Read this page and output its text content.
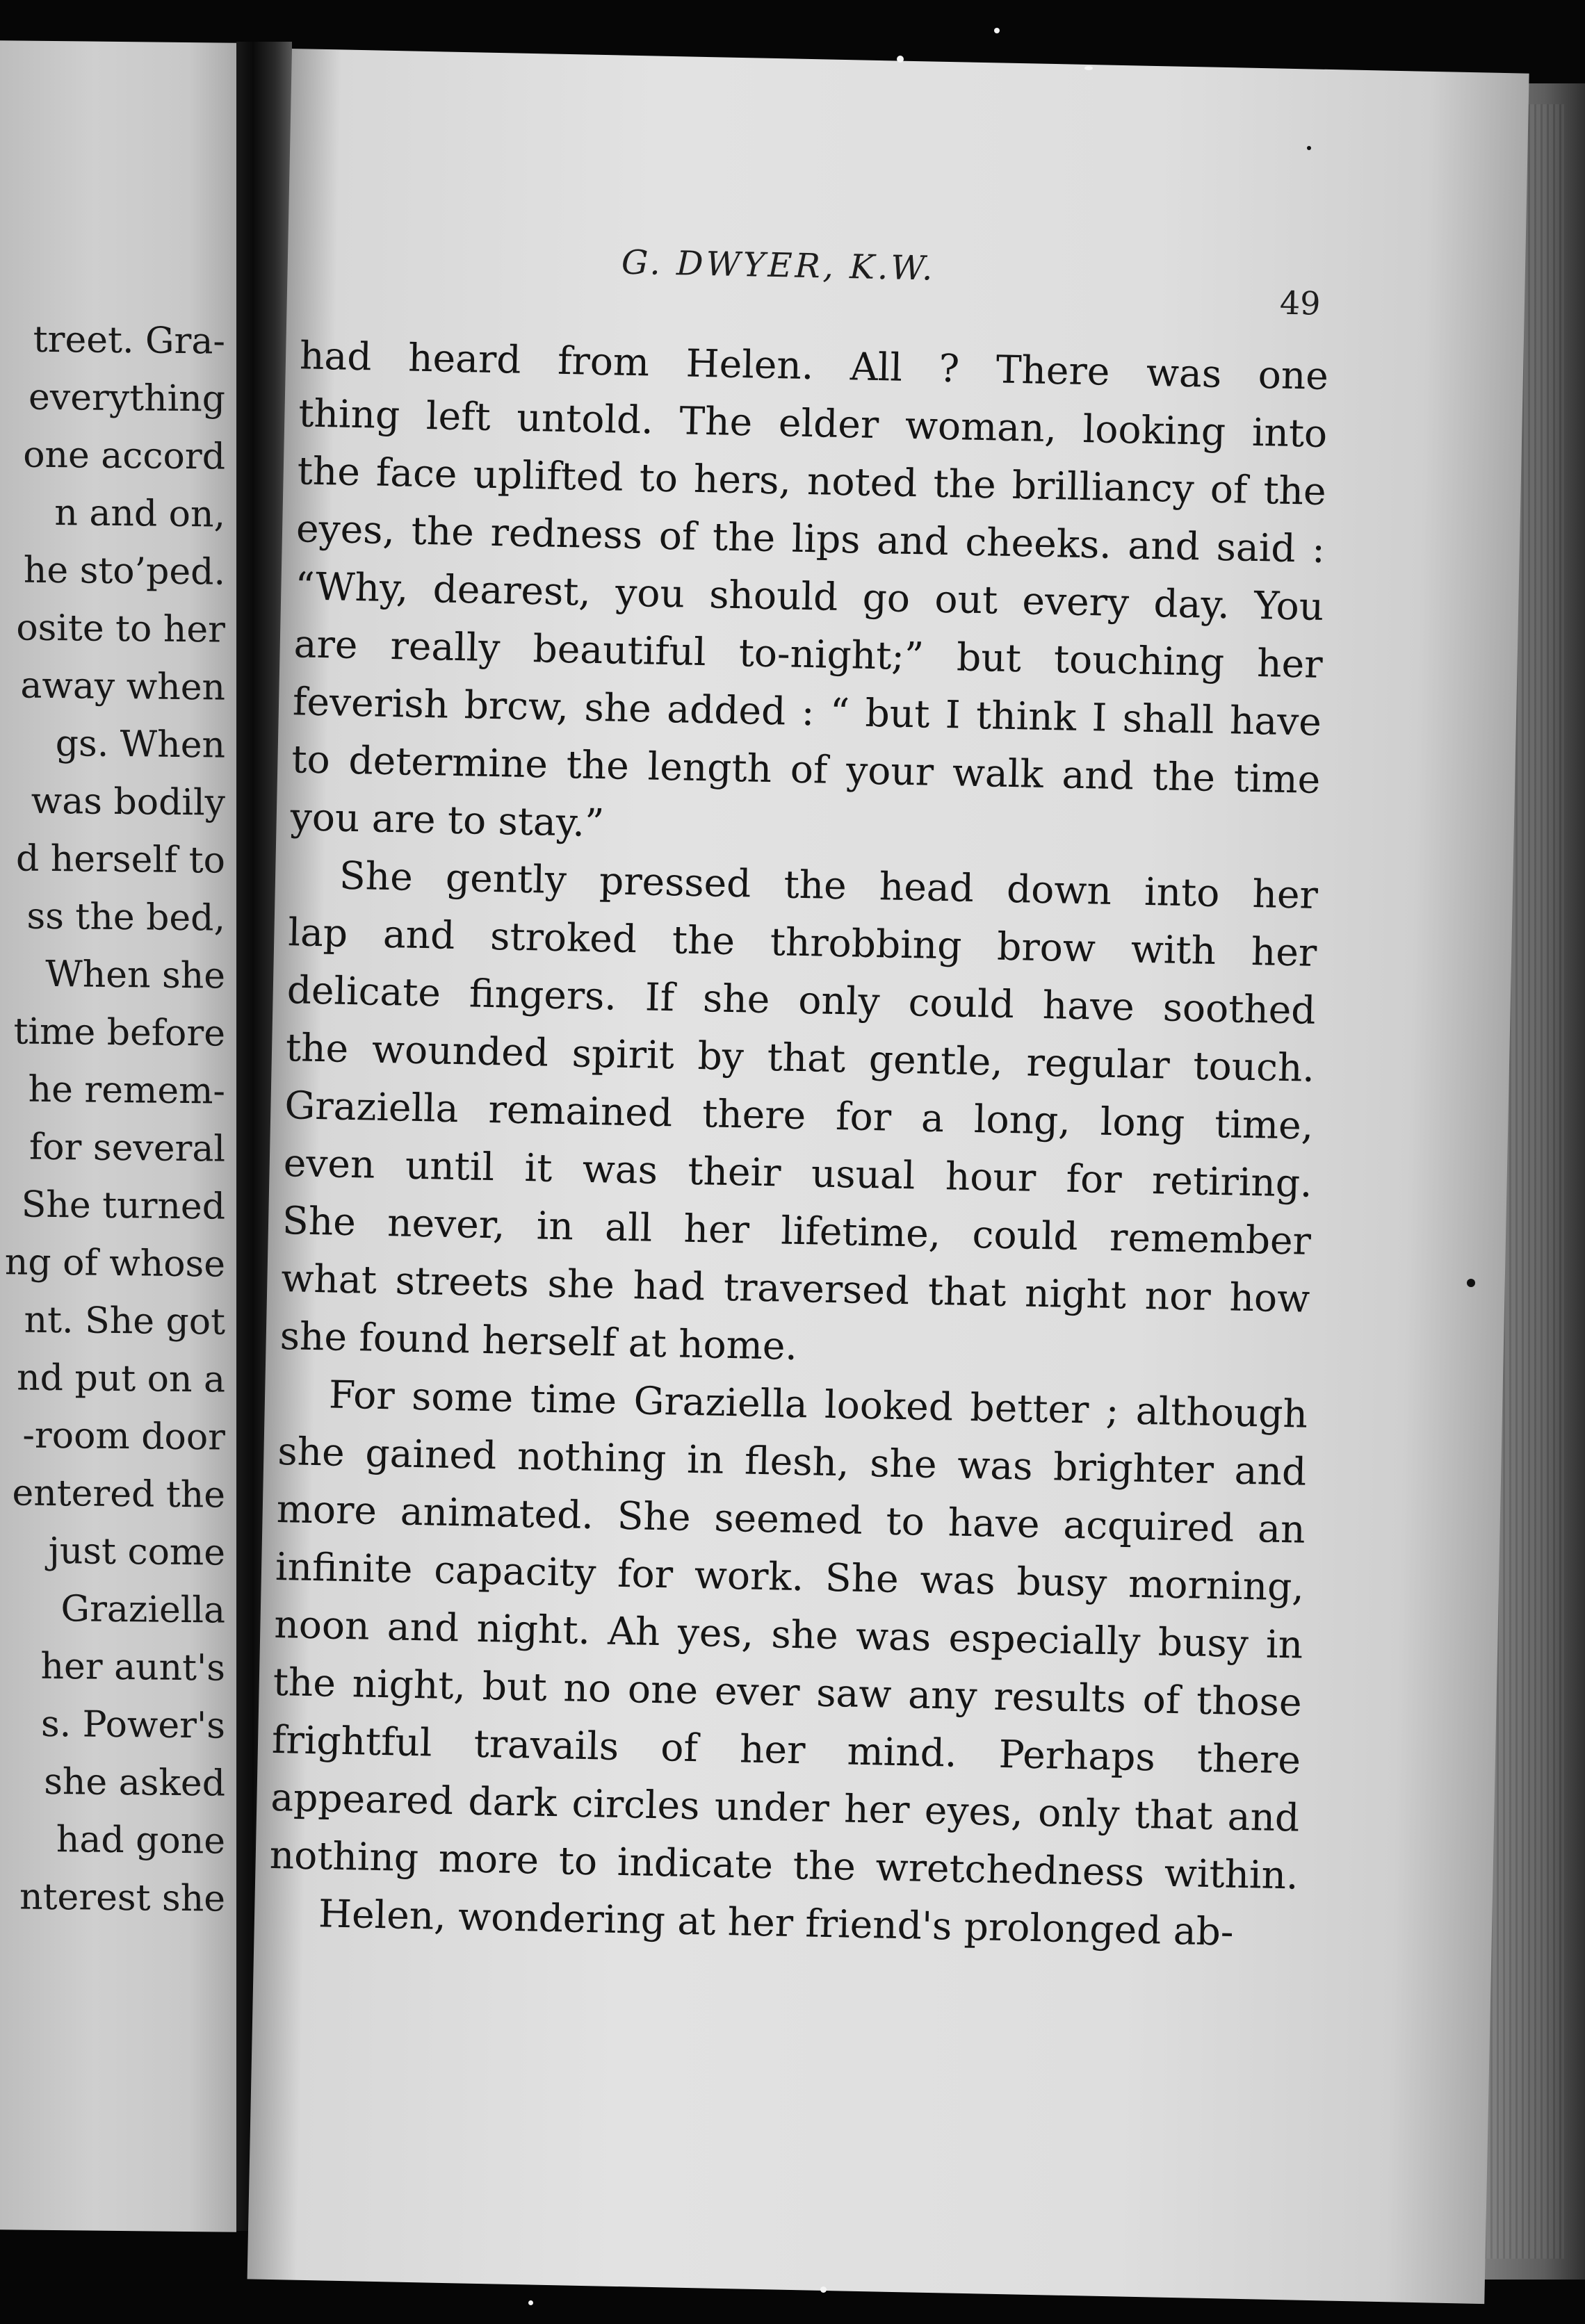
treet. Gra-
everything
one accord
n and on,
he sto’ped.
osite to her
away when
gs. When
was bodily
d herself to
ss the bed,
When she
time before
he remem-
for several
She turned
ng of whose
nt. She got
nd put on a
-room door
entered the
just come
Graziella
her aunt's
s. Power's
she asked
had gone
nterest she
G. DWYER, K.W.
49
had heard from Helen. All ? There was one
thing left untold. The elder woman, looking into
the face uplifted to hers, noted the brilliancy of the
eyes, the redness of the lips and cheeks. and said :
“Why, dearest, you should go out every day. You
are really beautiful to-night;” but touching her
feverish brcw, she added : “ but I think I shall have
to determine the length of your walk and the time
you are to stay.”
She gently pressed the head down into her
lap and stroked the throbbing brow with her
delicate fingers. If she only could have soothed
the wounded spirit by that gentle, regular touch.
Graziella remained there for a long, long time,
even until it was their usual hour for retiring.
She never, in all her lifetime, could remember
what streets she had traversed that night nor how
she found herself at home.
For some time Graziella looked better ; although
she gained nothing in flesh, she was brighter and
more animated. She seemed to have acquired an
infinite capacity for work. She was busy morning,
noon and night. Ah yes, she was especially busy in
the night, but no one ever saw any results of those
frightful travails of her mind. Perhaps there
appeared dark circles under her eyes, only that and
nothing more to indicate the wretchedness within.
Helen, wondering at her friend's prolonged ab-
